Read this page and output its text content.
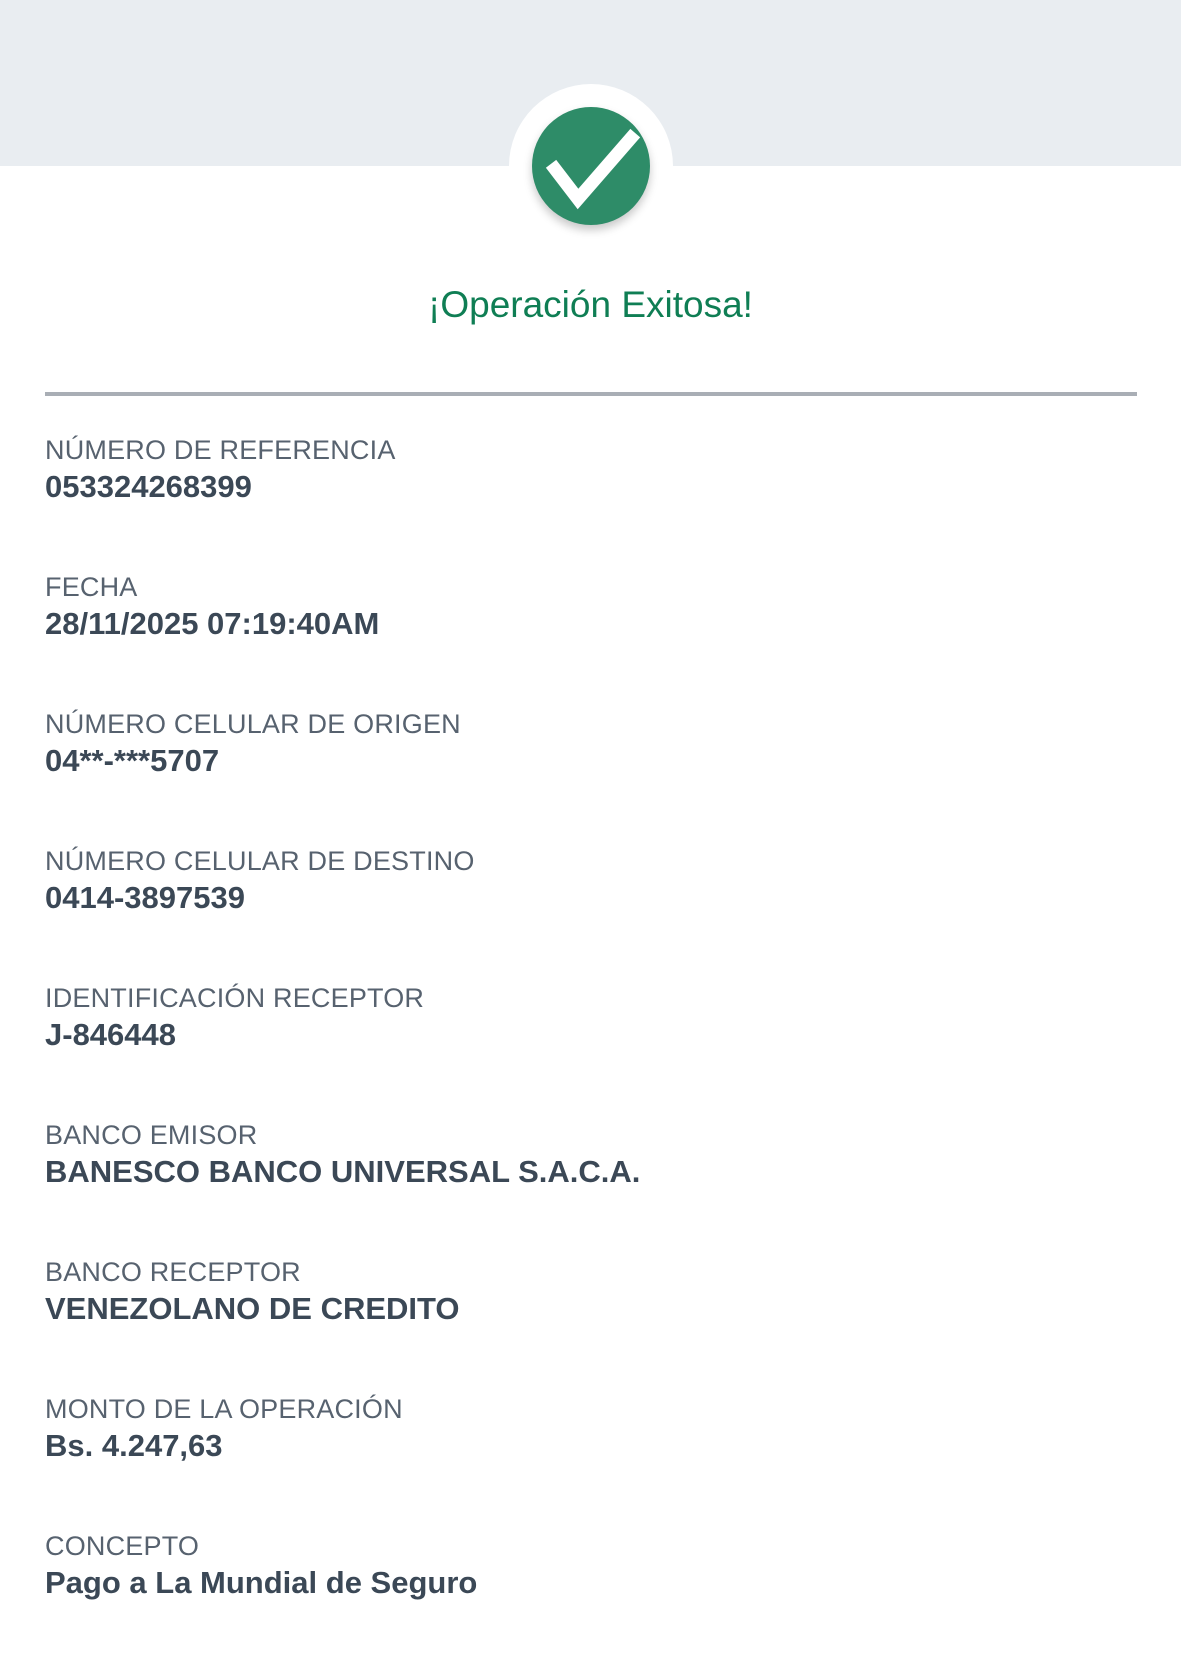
¡Operación Exitosa!
NÚMERO DE REFERENCIA
053324268399
FECHA
28/11/2025 07:19:40AM
NÚMERO CELULAR DE ORIGEN
04**-***5707
NÚMERO CELULAR DE DESTINO
0414-3897539
IDENTIFICACIÓN RECEPTOR
J-846448
BANCO EMISOR
BANESCO BANCO UNIVERSAL S.A.C.A.
BANCO RECEPTOR
VENEZOLANO DE CREDITO
MONTO DE LA OPERACIÓN
Bs. 4.247,63
CONCEPTO
Pago a La Mundial de Seguro
